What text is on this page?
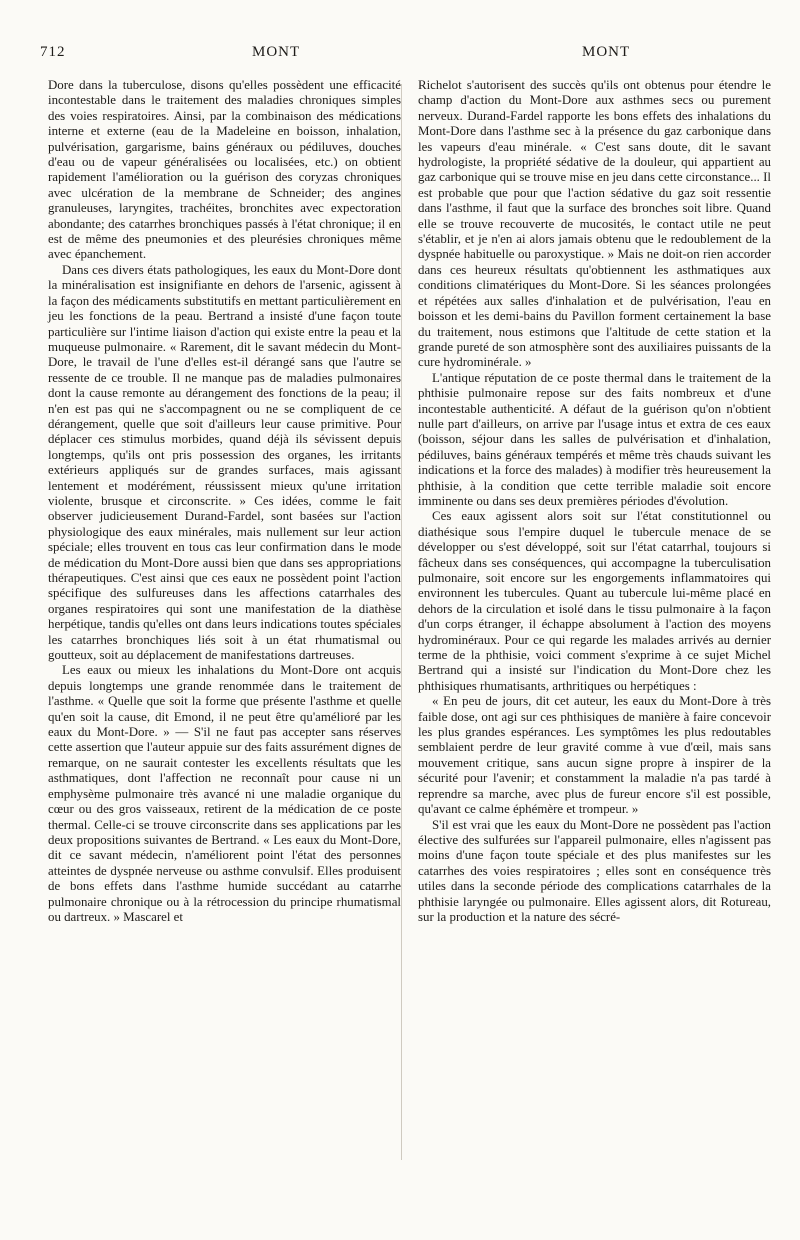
712	MONT	MONT

Dore dans la tuberculose, disons qu'elles possèdent une efficacité incontestable dans le traitement des maladies chroniques simples des voies respiratoires. Ainsi, par la combinaison des médications interne et externe (eau de la Madeleine en boisson, inhalation, pulvérisation, gargarisme, bains généraux ou pédiluves, douches d'eau ou de vapeur généralisées ou localisées, etc.) on obtient rapidement l'amélioration ou la guérison des coryzas chroniques avec ulcération de la membrane de Schneider; des angines granuleuses, laryngites, trachéites, bronchites avec expectoration abondante; des catarrhes bronchiques passés à l'état chronique; il en est de même des pneumonies et des pleurésies chroniques même avec épanchement.

Dans ces divers états pathologiques, les eaux du Mont-Dore dont la minéralisation est insignifiante en dehors de l'arsenic, agissent à la façon des médicaments substitutifs en mettant particulièrement en jeu les fonctions de la peau. Bertrand a insisté d'une façon toute particulière sur l'intime liaison d'action qui existe entre la peau et la muqueuse pulmonaire. « Rarement, dit le savant médecin du Mont-Dore, le travail de l'une d'elles est-il dérangé sans que l'autre se ressente de ce trouble. Il ne manque pas de maladies pulmonaires dont la cause remonte au dérangement des fonctions de la peau; il n'en est pas qui ne s'accompagnent ou ne se compliquent de ce dérangement, quelle que soit d'ailleurs leur cause primitive. Pour déplacer ces stimulus morbides, quand déjà ils sévissent depuis longtemps, qu'ils ont pris possession des organes, les irritants extérieurs appliqués sur de grandes surfaces, mais agissant lentement et modérément, réussissent mieux qu'une irritation violente, brusque et circonscrite. » Ces idées, comme le fait observer judicieusement Durand-Fardel, sont basées sur l'action physiologique des eaux minérales, mais nullement sur leur action spéciale; elles trouvent en tous cas leur confirmation dans le mode de médication du Mont-Dore aussi bien que dans ses appropriations thérapeutiques. C'est ainsi que ces eaux ne possèdent point l'action spécifique des sulfureuses dans les affections catarrhales des organes respiratoires qui sont une manifestation de la diathèse herpétique, tandis qu'elles ont dans leurs indications toutes spéciales les catarrhes bronchiques liés soit à un état rhumatismal ou goutteux, soit au déplacement de manifestations dartreuses.

Les eaux ou mieux les inhalations du Mont-Dore ont acquis depuis longtemps une grande renommée dans le traitement de l'asthme. « Quelle que soit la forme que présente l'asthme et quelle qu'en soit la cause, dit Emond, il ne peut être qu'amélioré par les eaux du Mont-Dore. » — S'il ne faut pas accepter sans réserves cette assertion que l'auteur appuie sur des faits assurément dignes de remarque, on ne saurait contester les excellents résultats que les asthmatiques, dont l'affection ne reconnaît pour cause ni un emphysème pulmonaire très avancé ni une maladie organique du cœur ou des gros vaisseaux, retirent de la médication de ce poste thermal. Celle-ci se trouve circonscrite dans ses applications par les deux propositions suivantes de Bertrand. « Les eaux du Mont-Dore, dit ce savant médecin, n'améliorent point l'état des personnes atteintes de dyspnée nerveuse ou asthme convulsif. Elles produisent de bons effets dans l'asthme humide succédant au catarrhe pulmonaire chronique ou à la rétrocession du principe rhumatismal ou dartreux. » Mascarel et

Richelot s'autorisent des succès qu'ils ont obtenus pour étendre le champ d'action du Mont-Dore aux asthmes secs ou purement nerveux. Durand-Fardel rapporte les bons effets des inhalations du Mont-Dore dans l'asthme sec à la présence du gaz carbonique dans les vapeurs d'eau minérale. « C'est sans doute, dit le savant hydrologiste, la propriété sédative de la douleur, qui appartient au gaz carbonique qui se trouve mise en jeu dans cette circonstance... Il est probable que pour que l'action sédative du gaz soit ressentie dans l'asthme, il faut que la surface des bronches soit libre. Quand elle se trouve recouverte de mucosités, le contact utile ne peut s'établir, et je n'en ai alors jamais obtenu que le redoublement de la dyspnée habituelle ou paroxystique. » Mais ne doit-on rien accorder dans ces heureux résultats qu'obtiennent les asthmatiques aux conditions climatériques du Mont-Dore. Si les séances prolongées et répétées aux salles d'inhalation et de pulvérisation, l'eau en boisson et les demi-bains du Pavillon forment certainement la base du traitement, nous estimons que l'altitude de cette station et la grande pureté de son atmosphère sont des auxiliaires puissants de la cure hydrominérale. »

L'antique réputation de ce poste thermal dans le traitement de la phthisie pulmonaire repose sur des faits nombreux et d'une incontestable authenticité. A défaut de la guérison qu'on n'obtient nulle part d'ailleurs, on arrive par l'usage intus et extra de ces eaux (boisson, séjour dans les salles de pulvérisation et d'inhalation, pédiluves, bains généraux tempérés et même très chauds suivant les indications et la force des malades) à modifier très heureusement la phthisie, à la condition que cette terrible maladie soit encore imminente ou dans ses deux premières périodes d'évolution.

Ces eaux agissent alors soit sur l'état constitutionnel ou diathésique sous l'empire duquel le tubercule menace de se développer ou s'est développé, soit sur l'état catarrhal, toujours si fâcheux dans ses conséquences, qui accompagne la tuberculisation pulmonaire, soit encore sur les engorgements inflammatoires qui environnent les tubercules. Quant au tubercule lui-même placé en dehors de la circulation et isolé dans le tissu pulmonaire à la façon d'un corps étranger, il échappe absolument à l'action des moyens hydrominéraux. Pour ce qui regarde les malades arrivés au dernier terme de la phthisie, voici comment s'exprime à ce sujet Michel Bertrand qui a insisté sur l'indication du Mont-Dore chez les phthisiques rhumatisants, arthritiques ou herpétiques :

« En peu de jours, dit cet auteur, les eaux du Mont-Dore à très faible dose, ont agi sur ces phthisiques de manière à faire concevoir les plus grandes espérances. Les symptômes les plus redoutables semblaient perdre de leur gravité comme à vue d'œil, mais sans mouvement critique, sans aucun signe propre à inspirer de la sécurité pour l'avenir; et constamment la maladie n'a pas tardé à reprendre sa marche, avec plus de fureur encore s'il est possible, qu'avant ce calme éphémère et trompeur. »

S'il est vrai que les eaux du Mont-Dore ne possèdent pas l'action élective des sulfurées sur l'appareil pulmonaire, elles n'agissent pas moins d'une façon toute spéciale et des plus manifestes sur les catarrhes des voies respiratoires ; elles sont en conséquence très utiles dans la seconde période des complications catarrhales de la phthisie laryngée ou pulmonaire. Elles agissent alors, dit Rotureau, sur la production et la nature des sécré-
